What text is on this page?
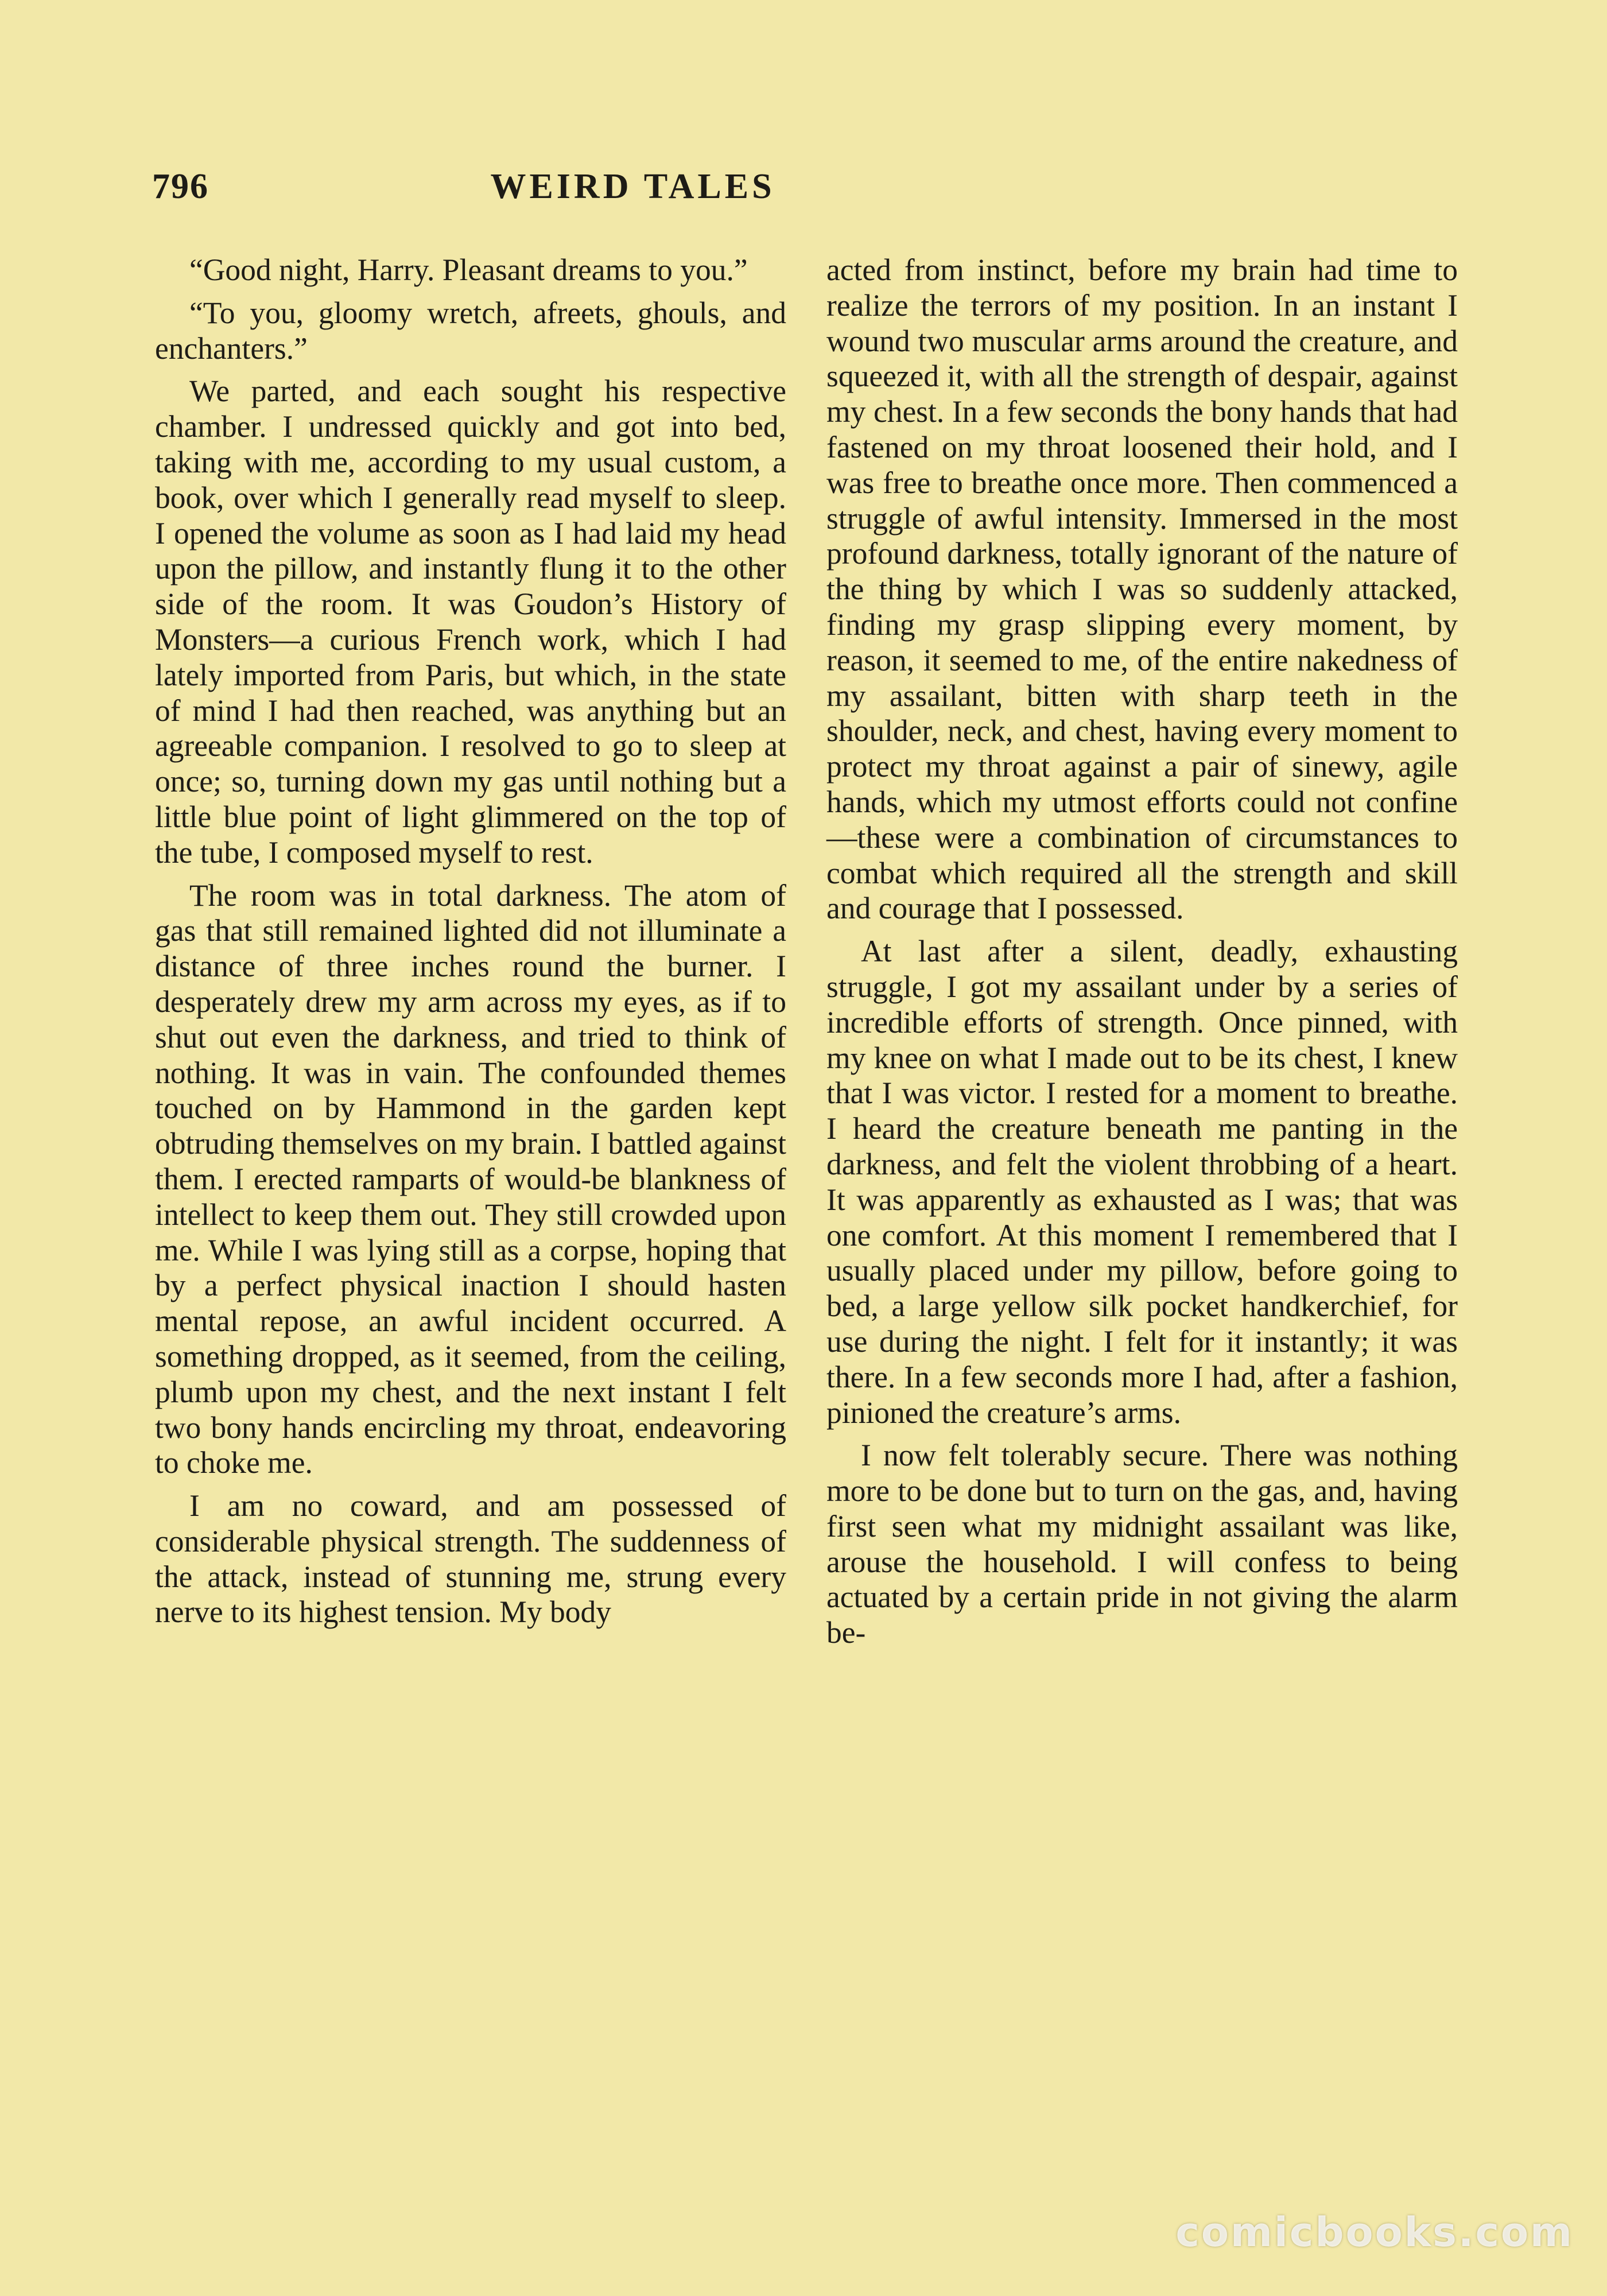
796	WEIRD TALES

“Good night, Harry. Pleasant dreams to you.”

“To you, gloomy wretch, afreets, ghouls, and enchanters.”

We parted, and each sought his respective chamber. I undressed quickly and got into bed, taking with me, according to my usual custom, a book, over which I generally read myself to sleep. I opened the volume as soon as I had laid my head upon the pillow, and instantly flung it to the other side of the room. It was Goudon’s History of Monsters—a curious French work, which I had lately imported from Paris, but which, in the state of mind I had then reached, was anything but an agreeable companion. I resolved to go to sleep at once; so, turning down my gas until nothing but a little blue point of light glimmered on the top of the tube, I composed myself to rest.

The room was in total darkness. The atom of gas that still remained lighted did not illuminate a distance of three inches round the burner. I desperately drew my arm across my eyes, as if to shut out even the darkness, and tried to think of nothing. It was in vain. The confounded themes touched on by Hammond in the garden kept obtruding themselves on my brain. I battled against them. I erected ramparts of would-be blankness of intellect to keep them out. They still crowded upon me. While I was lying still as a corpse, hoping that by a perfect physical inaction I should hasten mental repose, an awful incident occurred. A something dropped, as it seemed, from the ceiling, plumb upon my chest, and the next instant I felt two bony hands encircling my throat, endeavoring to choke me.

I am no coward, and am possessed of considerable physical strength. The suddenness of the attack, instead of stunning me, strung every nerve to its highest tension. My body

acted from instinct, before my brain had time to realize the terrors of my position. In an instant I wound two muscular arms around the creature, and squeezed it, with all the strength of despair, against my chest. In a few seconds the bony hands that had fastened on my throat loosened their hold, and I was free to breathe once more. Then commenced a struggle of awful intensity. Immersed in the most profound darkness, totally ignorant of the nature of the thing by which I was so suddenly attacked, finding my grasp slipping every moment, by reason, it seemed to me, of the entire nakedness of my assailant, bitten with sharp teeth in the shoulder, neck, and chest, having every moment to protect my throat against a pair of sinewy, agile hands, which my utmost efforts could not confine—these were a combination of circumstances to combat which required all the strength and skill and courage that I possessed.

At last after a silent, deadly, exhausting struggle, I got my assailant under by a series of incredible efforts of strength. Once pinned, with my knee on what I made out to be its chest, I knew that I was victor. I rested for a moment to breathe. I heard the creature beneath me panting in the darkness, and felt the violent throbbing of a heart. It was apparently as exhausted as I was; that was one comfort. At this moment I remembered that I usually placed under my pillow, before going to bed, a large yellow silk pocket handkerchief, for use during the night. I felt for it instantly; it was there. In a few seconds more I had, after a fashion, pinioned the creature’s arms.

I now felt tolerably secure. There was nothing more to be done but to turn on the gas, and, having first seen what my midnight assailant was like, arouse the household. I will confess to being actuated by a certain pride in not giving the alarm be-

comicbooks.com
